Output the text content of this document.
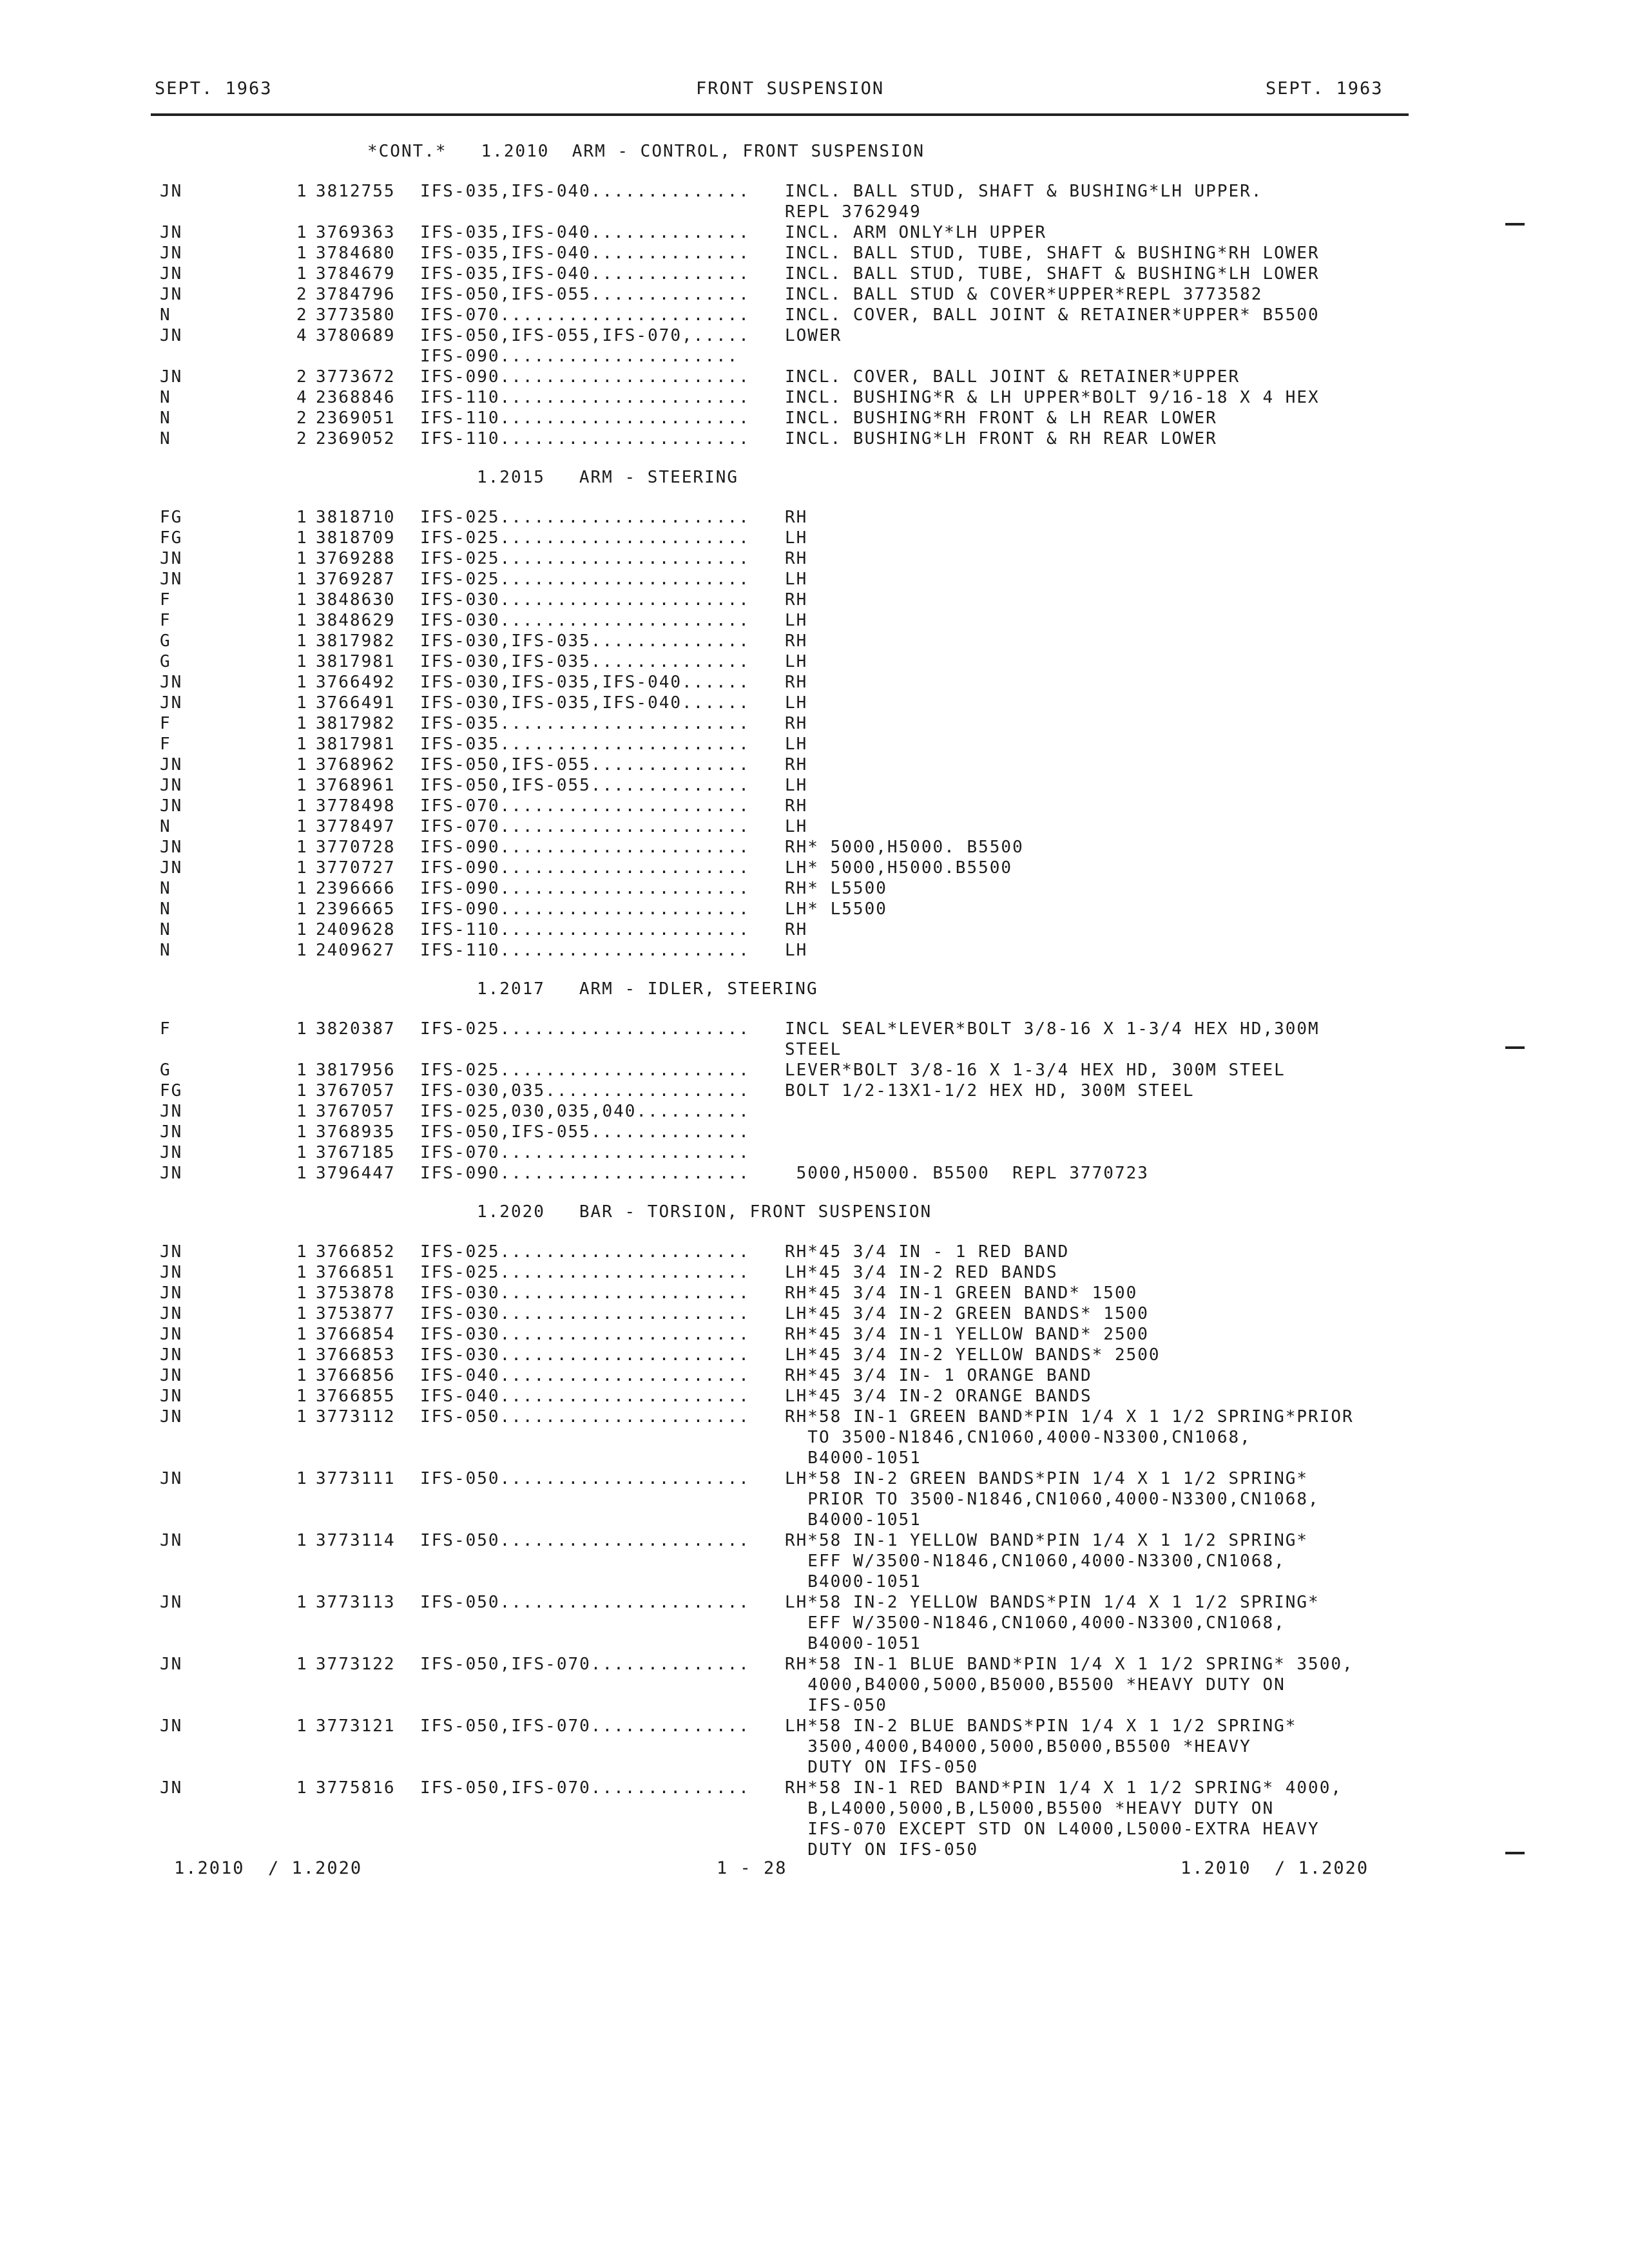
SEPT. 1963	FRONT SUSPENSION	SEPT. 1963
*CONT.*   1.2010  ARM - CONTROL, FRONT SUSPENSION
JN	1 3812755 IFS-035,IFS-040.............. INCL. BALL STUD, SHAFT & BUSHING*LH UPPER.
REPL 3762949
JN	1 3769363 IFS-035,IFS-040.............. INCL. ARM ONLY*LH UPPER
JN	1 3784680 IFS-035,IFS-040.............. INCL. BALL STUD, TUBE, SHAFT & BUSHING*RH LOWER
JN	1 3784679 IFS-035,IFS-040.............. INCL. BALL STUD, TUBE, SHAFT & BUSHING*LH LOWER
JN	2 3784796 IFS-050,IFS-055.............. INCL. BALL STUD & COVER*UPPER*REPL 3773582
N	2 3773580 IFS-070...................... INCL. COVER, BALL JOINT & RETAINER*UPPER* B5500
JN	4 3780689 IFS-050,IFS-055,IFS-070,..... LOWER
IFS-090.....................
JN	2 3773672 IFS-090...................... INCL. COVER, BALL JOINT & RETAINER*UPPER
N	4 2368846 IFS-110...................... INCL. BUSHING*R & LH UPPER*BOLT 9/16-18 X 4 HEX
N	2 2369051 IFS-110...................... INCL. BUSHING*RH FRONT & LH REAR LOWER
N	2 2369052 IFS-110...................... INCL. BUSHING*LH FRONT & RH REAR LOWER
1.2015   ARM - STEERING
FG	1 3818710 IFS-025...................... RH
FG	1 3818709 IFS-025...................... LH
JN	1 3769288 IFS-025...................... RH
JN	1 3769287 IFS-025...................... LH
F	1 3848630 IFS-030...................... RH
F	1 3848629 IFS-030...................... LH
G	1 3817982 IFS-030,IFS-035.............. RH
G	1 3817981 IFS-030,IFS-035.............. LH
JN	1 3766492 IFS-030,IFS-035,IFS-040...... RH
JN	1 3766491 IFS-030,IFS-035,IFS-040...... LH
F	1 3817982 IFS-035...................... RH
F	1 3817981 IFS-035...................... LH
JN	1 3768962 IFS-050,IFS-055.............. RH
JN	1 3768961 IFS-050,IFS-055.............. LH
JN	1 3778498 IFS-070...................... RH
N	1 3778497 IFS-070...................... LH
JN	1 3770728 IFS-090...................... RH* 5000,H5000. B5500
JN	1 3770727 IFS-090...................... LH* 5000,H5000.B5500
N	1 2396666 IFS-090...................... RH* L5500
N	1 2396665 IFS-090...................... LH* L5500
N	1 2409628 IFS-110...................... RH
N	1 2409627 IFS-110...................... LH
1.2017   ARM - IDLER, STEERING
F	1 3820387 IFS-025...................... INCL SEAL*LEVER*BOLT 3/8-16 X 1-3/4 HEX HD,300M
STEEL
G	1 3817956 IFS-025...................... LEVER*BOLT 3/8-16 X 1-3/4 HEX HD, 300M STEEL
FG	1 3767057 IFS-030,035.................. BOLT 1/2-13X1-1/2 HEX HD, 300M STEEL
JN	1 3767057 IFS-025,030,035,040..........
JN	1 3768935 IFS-050,IFS-055..............
JN	1 3767185 IFS-070......................
JN	1 3796447 IFS-090...................... 5000,H5000. B5500  REPL 3770723
1.2020   BAR - TORSION, FRONT SUSPENSION
JN	1 3766852 IFS-025...................... RH*45 3/4 IN - 1 RED BAND
JN	1 3766851 IFS-025...................... LH*45 3/4 IN-2 RED BANDS
JN	1 3753878 IFS-030...................... RH*45 3/4 IN-1 GREEN BAND* 1500
JN	1 3753877 IFS-030...................... LH*45 3/4 IN-2 GREEN BANDS* 1500
JN	1 3766854 IFS-030...................... RH*45 3/4 IN-1 YELLOW BAND* 2500
JN	1 3766853 IFS-030...................... LH*45 3/4 IN-2 YELLOW BANDS* 2500
JN	1 3766856 IFS-040...................... RH*45 3/4 IN- 1 ORANGE BAND
JN	1 3766855 IFS-040...................... LH*45 3/4 IN-2 ORANGE BANDS
JN	1 3773112 IFS-050...................... RH*58 IN-1 GREEN BAND*PIN 1/4 X 1 1/2 SPRING*PRIOR
TO 3500-N1846,CN1060,4000-N3300,CN1068,
B4000-1051
JN	1 3773111 IFS-050...................... LH*58 IN-2 GREEN BANDS*PIN 1/4 X 1 1/2 SPRING*
PRIOR TO 3500-N1846,CN1060,4000-N3300,CN1068,
B4000-1051
JN	1 3773114 IFS-050...................... RH*58 IN-1 YELLOW BAND*PIN 1/4 X 1 1/2 SPRING*
EFF W/3500-N1846,CN1060,4000-N3300,CN1068,
B4000-1051
JN	1 3773113 IFS-050...................... LH*58 IN-2 YELLOW BANDS*PIN 1/4 X 1 1/2 SPRING*
EFF W/3500-N1846,CN1060,4000-N3300,CN1068,
B4000-1051
JN	1 3773122 IFS-050,IFS-070.............. RH*58 IN-1 BLUE BAND*PIN 1/4 X 1 1/2 SPRING* 3500,
4000,B4000,5000,B5000,B5500 *HEAVY DUTY ON
IFS-050
JN	1 3773121 IFS-050,IFS-070.............. LH*58 IN-2 BLUE BANDS*PIN 1/4 X 1 1/2 SPRING*
3500,4000,B4000,5000,B5000,B5500 *HEAVY
DUTY ON IFS-050
JN	1 3775816 IFS-050,IFS-070.............. RH*58 IN-1 RED BAND*PIN 1/4 X 1 1/2 SPRING* 4000,
B,L4000,5000,B,L5000,B5500 *HEAVY DUTY ON
IFS-070 EXCEPT STD ON L4000,L5000-EXTRA HEAVY
DUTY ON IFS-050
1.2010  / 1.2020	1 - 28	1.2010  / 1.2020
